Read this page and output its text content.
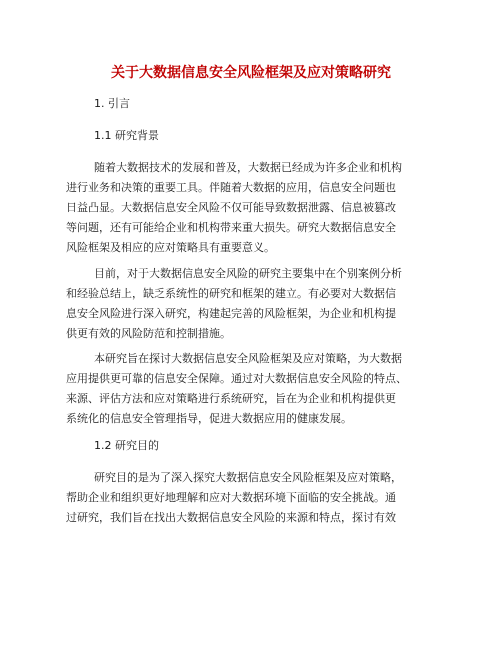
关于大数据信息安全风险框架及应对策略研究
1. 引言
1.1 研究背景
随着大数据技术的发展和普及，大数据已经成为许多企业和机构
进行业务和决策的重要工具。伴随着大数据的应用，信息安全问题也
日益凸显。大数据信息安全风险不仅可能导致数据泄露、信息被篡改
等问题，还有可能给企业和机构带来重大损失。研究大数据信息安全
风险框架及相应的应对策略具有重要意义。
目前，对于大数据信息安全风险的研究主要集中在个别案例分析
和经验总结上，缺乏系统性的研究和框架的建立。有必要对大数据信
息安全风险进行深入研究，构建起完善的风险框架，为企业和机构提
供更有效的风险防范和控制措施。
本研究旨在探讨大数据信息安全风险框架及应对策略，为大数据
应用提供更可靠的信息安全保障。通过对大数据信息安全风险的特点、
来源、评估方法和应对策略进行系统研究，旨在为企业和机构提供更
系统化的信息安全管理指导，促进大数据应用的健康发展。
1.2 研究目的
研究目的是为了深入探究大数据信息安全风险框架及应对策略，
帮助企业和组织更好地理解和应对大数据环境下面临的安全挑战。通
过研究，我们旨在找出大数据信息安全风险的来源和特点，探讨有效
